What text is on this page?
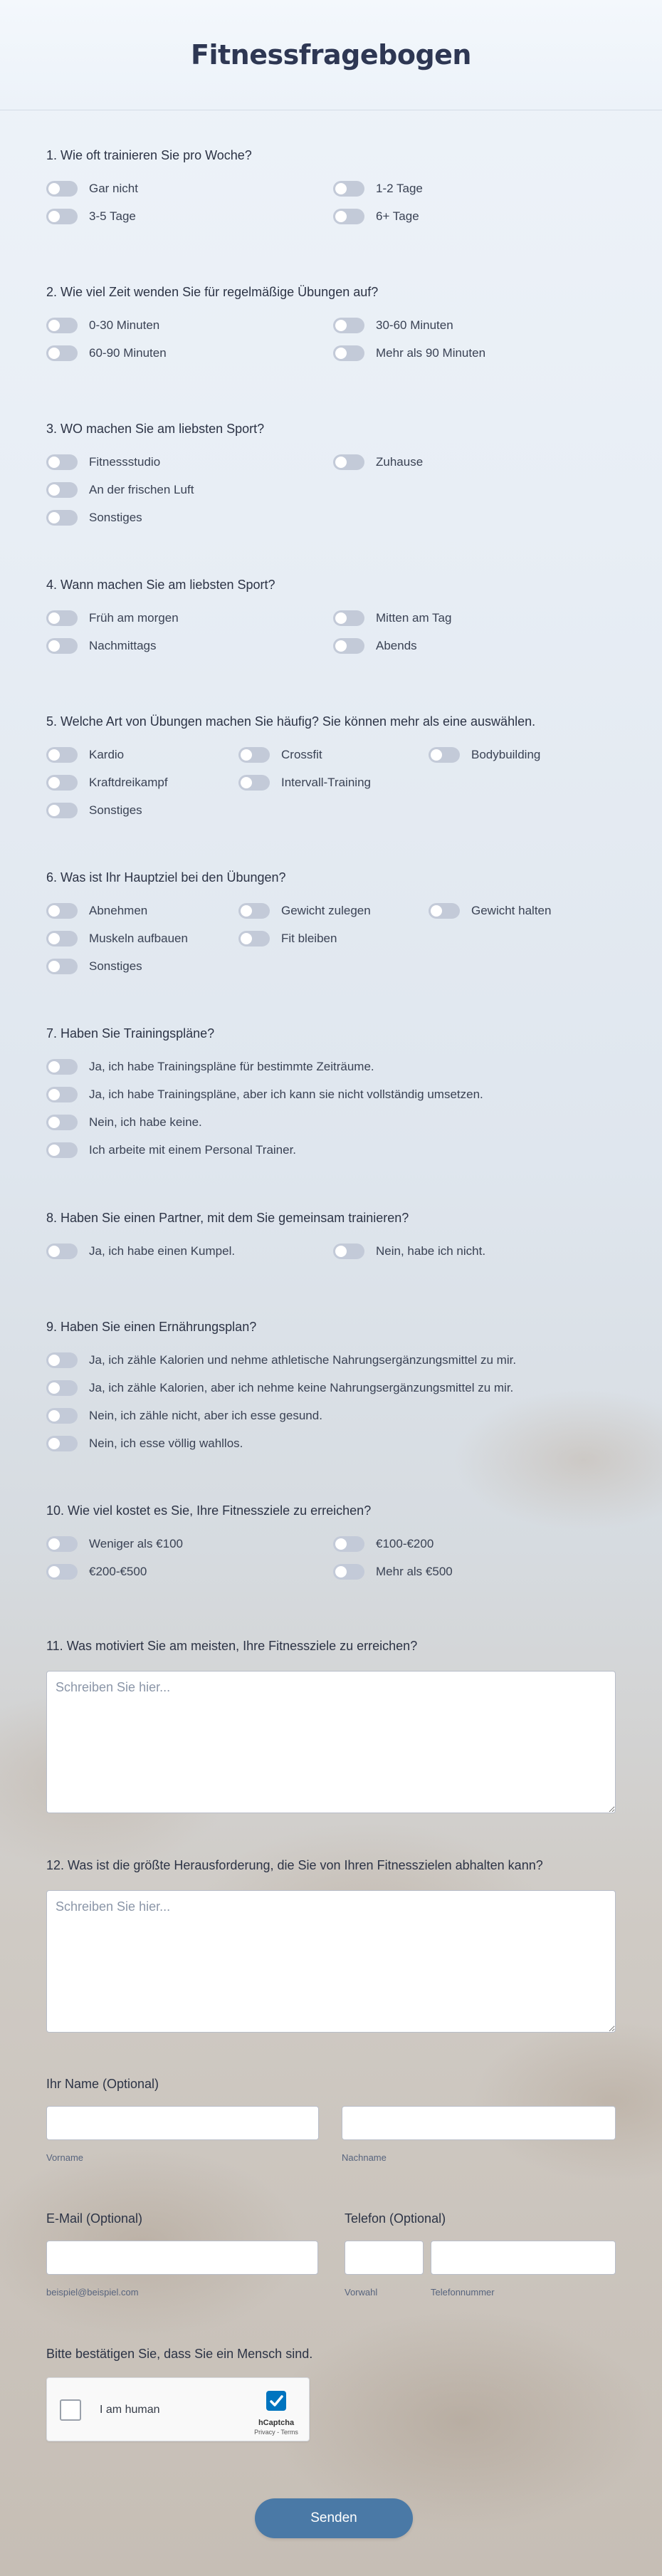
Fitnessfragebogen
1. Wie oft trainieren Sie pro Woche?
Gar nicht	1-2 Tage
3-5 Tage	6+ Tage
2. Wie viel Zeit wenden Sie für regelmäßige Übungen auf?
0-30 Minuten	30-60 Minuten
60-90 Minuten	Mehr als 90 Minuten
3. WO machen Sie am liebsten Sport?
Fitnessstudio	Zuhause
An der frischen Luft
Sonstiges
4. Wann machen Sie am liebsten Sport?
Früh am morgen	Mitten am Tag
Nachmittags	Abends
5. Welche Art von Übungen machen Sie häufig? Sie können mehr als eine auswählen.
Kardio	Crossfit	Bodybuilding
Kraftdreikampf	Intervall-Training
Sonstiges
6. Was ist Ihr Hauptziel bei den Übungen?
Abnehmen	Gewicht zulegen	Gewicht halten
Muskeln aufbauen	Fit bleiben
Sonstiges
7. Haben Sie Trainingspläne?
Ja, ich habe Trainingspläne für bestimmte Zeiträume.
Ja, ich habe Trainingspläne, aber ich kann sie nicht vollständig umsetzen.
Nein, ich habe keine.
Ich arbeite mit einem Personal Trainer.
8. Haben Sie einen Partner, mit dem Sie gemeinsam trainieren?
Ja, ich habe einen Kumpel.	Nein, habe ich nicht.
9. Haben Sie einen Ernährungsplan?
Ja, ich zähle Kalorien und nehme athletische Nahrungsergänzungsmittel zu mir.
Ja, ich zähle Kalorien, aber ich nehme keine Nahrungsergänzungsmittel zu mir.
Nein, ich zähle nicht, aber ich esse gesund.
Nein, ich esse völlig wahllos.
10. Wie viel kostet es Sie, Ihre Fitnessziele zu erreichen?
Weniger als €100	€100-€200
€200-€500	Mehr als €500
11. Was motiviert Sie am meisten, Ihre Fitnessziele zu erreichen?
Schreiben Sie hier...
12. Was ist die größte Herausforderung, die Sie von Ihren Fitnesszielen abhalten kann?
Schreiben Sie hier...
Ihr Name (Optional)
Vorname	Nachname
E-Mail (Optional)
beispiel@beispiel.com
Telefon (Optional)
Vorwahl	Telefonnummer
Bitte bestätigen Sie, dass Sie ein Mensch sind.
I am human
hCaptcha
Privacy - Terms
Senden
